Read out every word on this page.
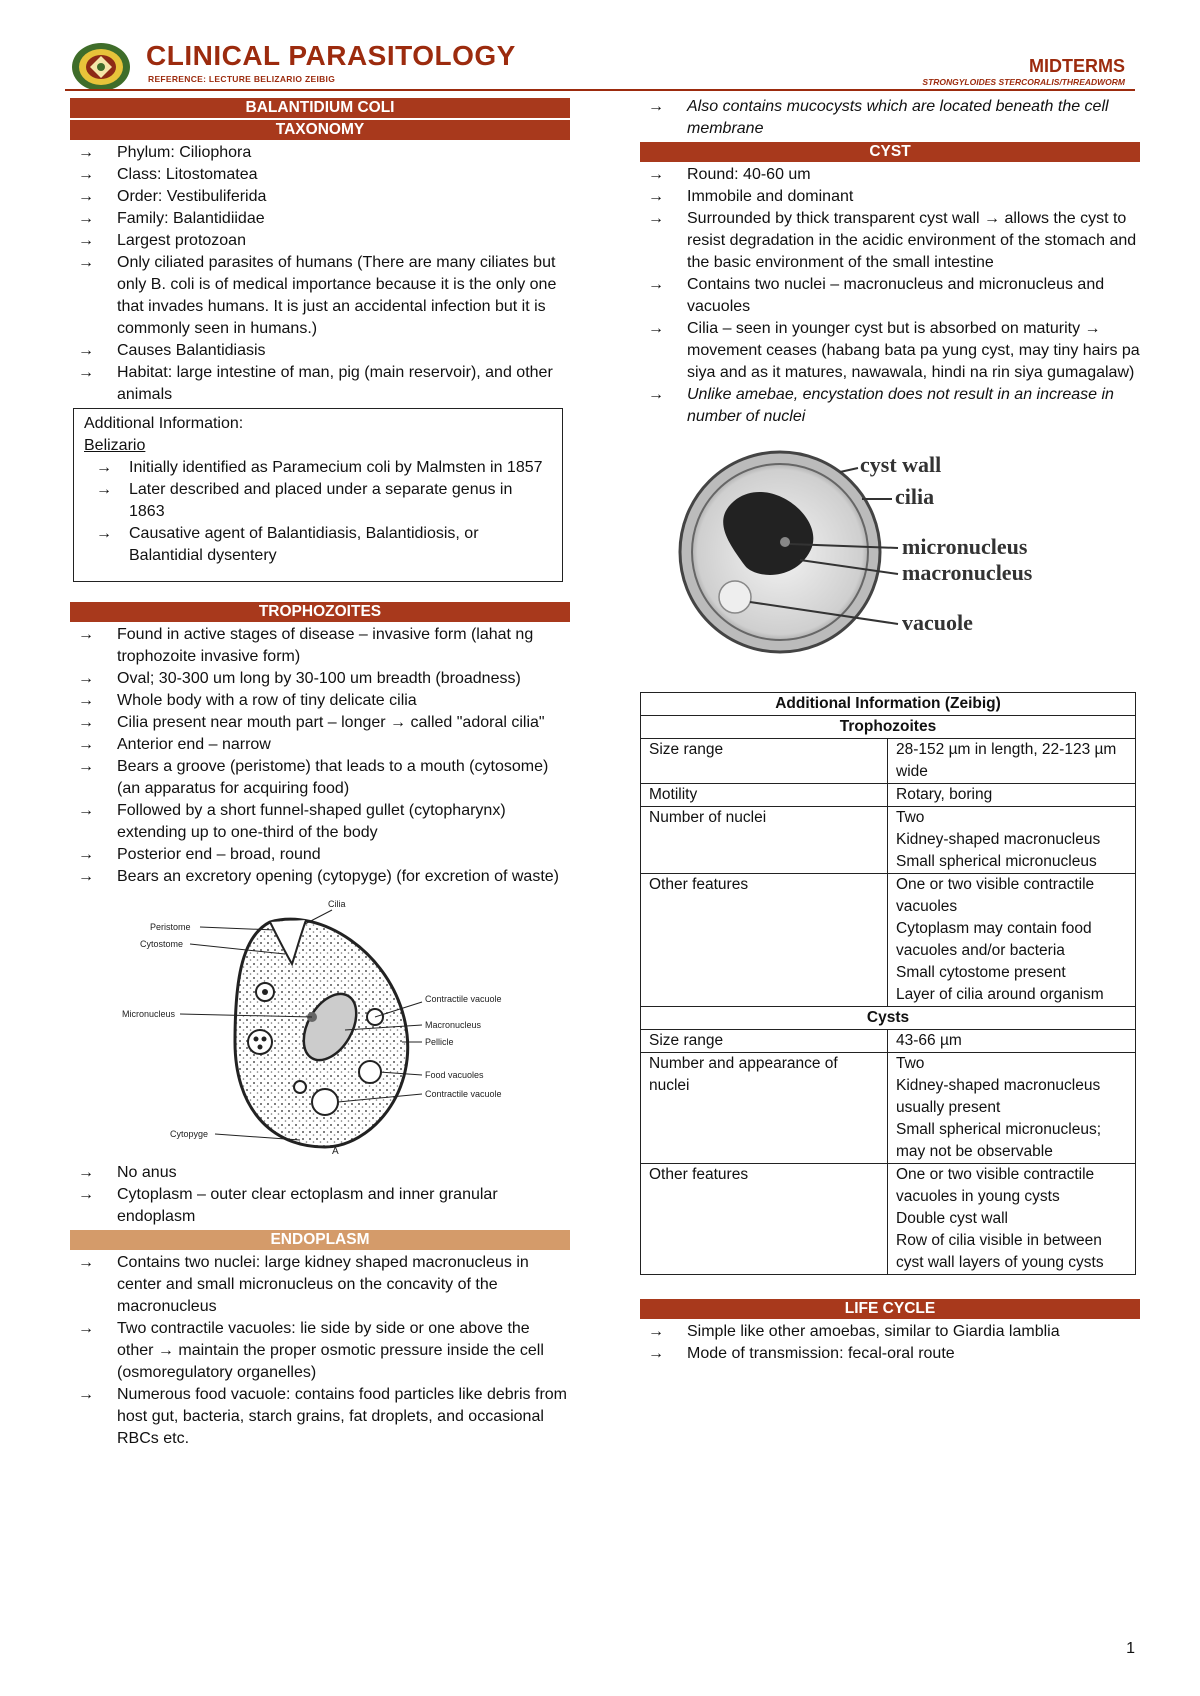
CLINICAL PARASITOLOGY
REFERENCE: LECTURE BELIZARIO ZEIBIG
MIDTERMS
STRONGYLOIDES STERCORALIS/THREADWORM
BALANTIDIUM COLI
TAXONOMY
→ Phylum: Ciliophora
→ Class: Litostomatea
→ Order: Vestibuliferida
→ Family: Balantidiidae
→ Largest protozoan
→ Only ciliated parasites of humans (There are many ciliates but only B. coli is of medical importance because it is the only one that invades humans. It is just an accidental infection but it is commonly seen in humans.)
→ Causes Balantidiasis
→ Habitat: large intestine of man, pig (main reservoir), and other animals
Additional Information:
Belizario
→ Initially identified as Paramecium coli by Malmsten in 1857
→ Later described and placed under a separate genus in 1863
→ Causative agent of Balantidiasis, Balantidiosis, or Balantidial dysentery
TROPHOZOITES
→ Found in active stages of disease – invasive form (lahat ng trophozoite invasive form)
→ Oval; 30-300 um long by 30-100 um breadth (broadness)
→ Whole body with a row of tiny delicate cilia
→ Cilia present near mouth part – longer → called "adoral cilia"
→ Anterior end – narrow
→ Bears a groove (peristome) that leads to a mouth (cytosome) (an apparatus for acquiring food)
→ Followed by a short funnel-shaped gullet (cytopharynx) extending up to one-third of the body
→ Posterior end – broad, round
→ Bears an excretory opening (cytopyge) (for excretion of waste)
Cilia
Peristome
Cytostome
Micronucleus
Contractile vacuole
Macronucleus
Pellicle
Food vacuoles
Contractile vacuole
Cytopyge
A
→ No anus
→ Cytoplasm – outer clear ectoplasm and inner granular endoplasm
ENDOPLASM
→ Contains two nuclei: large kidney shaped macronucleus in center and small micronucleus on the concavity of the macronucleus
→ Two contractile vacuoles: lie side by side or one above the other → maintain the proper osmotic pressure inside the cell (osmoregulatory organelles)
→ Numerous food vacuole: contains food particles like debris from host gut, bacteria, starch grains, fat droplets, and occasional RBCs etc.
→ Also contains mucocysts which are located beneath the cell membrane
CYST
→ Round: 40-60 um
→ Immobile and dominant
→ Surrounded by thick transparent cyst wall → allows the cyst to resist degradation in the acidic environment of the stomach and the basic environment of the small intestine
→ Contains two nuclei – macronucleus and micronucleus and vacuoles
→ Cilia – seen in younger cyst but is absorbed on maturity → movement ceases (habang bata pa yung cyst, may tiny hairs pa siya and as it matures, nawawala, hindi na rin siya gumagalaw)
→ Unlike amebae, encystation does not result in an increase in number of nuclei
cyst wall
cilia
micronucleus
macronucleus
vacuole
Additional Information (Zeibig)	
Trophozoites	
Size range	28-152 µm in length, 22-123 µm wide

Motility	Rotary, boring

Number of nuclei	Two
Kidney-shaped macronucleus
Small spherical micronucleus

Other features	One or two visible contractile vacuoles
Cytoplasm may contain food vacuoles and/or bacteria
Small cytostome present
Layer of cilia around organism

Cysts	
Size range	43-66 µm

Number and appearance of nuclei	Two
Kidney-shaped macronucleus usually present
Small spherical micronucleus; may not be observable

Other features	One or two visible contractile vacuoles in young cysts
Double cyst wall
Row of cilia visible in between cyst wall layers of young cysts
LIFE CYCLE
→ Simple like other amoebas, similar to Giardia lamblia
→ Mode of transmission: fecal-oral route
1
